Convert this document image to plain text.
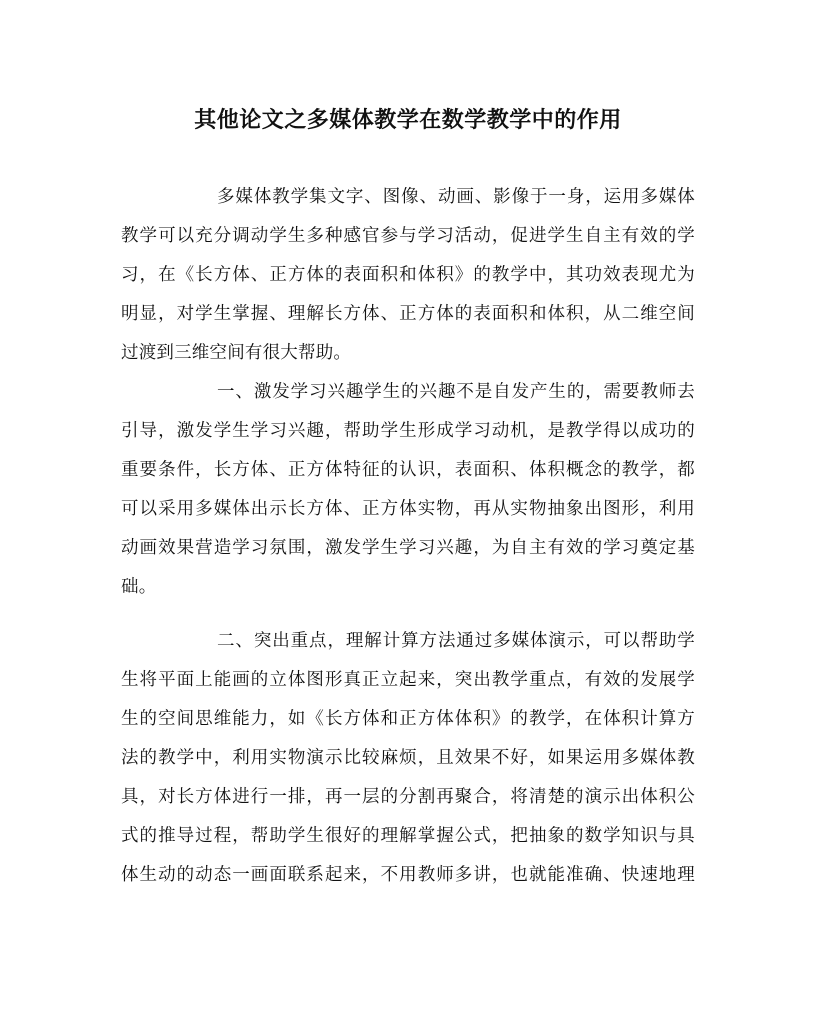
其他论文之多媒体教学在数学教学中的作用
多媒体教学集文字、图像、动画、影像于一身，运用多媒体
教学可以充分调动学生多种感官参与学习活动，促进学生自主有效的学
习，在《长方体、正方体的表面积和体积》的教学中，其功效表现尤为
明显，对学生掌握、理解长方体、正方体的表面积和体积，从二维空间
过渡到三维空间有很大帮助。
一、激发学习兴趣学生的兴趣不是自发产生的，需要教师去
引导，激发学生学习兴趣，帮助学生形成学习动机，是教学得以成功的
重要条件，长方体、正方体特征的认识，表面积、体积概念的教学，都
可以采用多媒体出示长方体、正方体实物，再从实物抽象出图形，利用
动画效果营造学习氛围，激发学生学习兴趣，为自主有效的学习奠定基
础。
二、突出重点，理解计算方法通过多媒体演示，可以帮助学
生将平面上能画的立体图形真正立起来，突出教学重点，有效的发展学
生的空间思维能力，如《长方体和正方体体积》的教学，在体积计算方
法的教学中，利用实物演示比较麻烦，且效果不好，如果运用多媒体教
具，对长方体进行一排，再一层的分割再聚合，将清楚的演示出体积公
式的推导过程，帮助学生很好的理解掌握公式，把抽象的数学知识与具
体生动的动态一画面联系起来，不用教师多讲，也就能准确、快速地理
